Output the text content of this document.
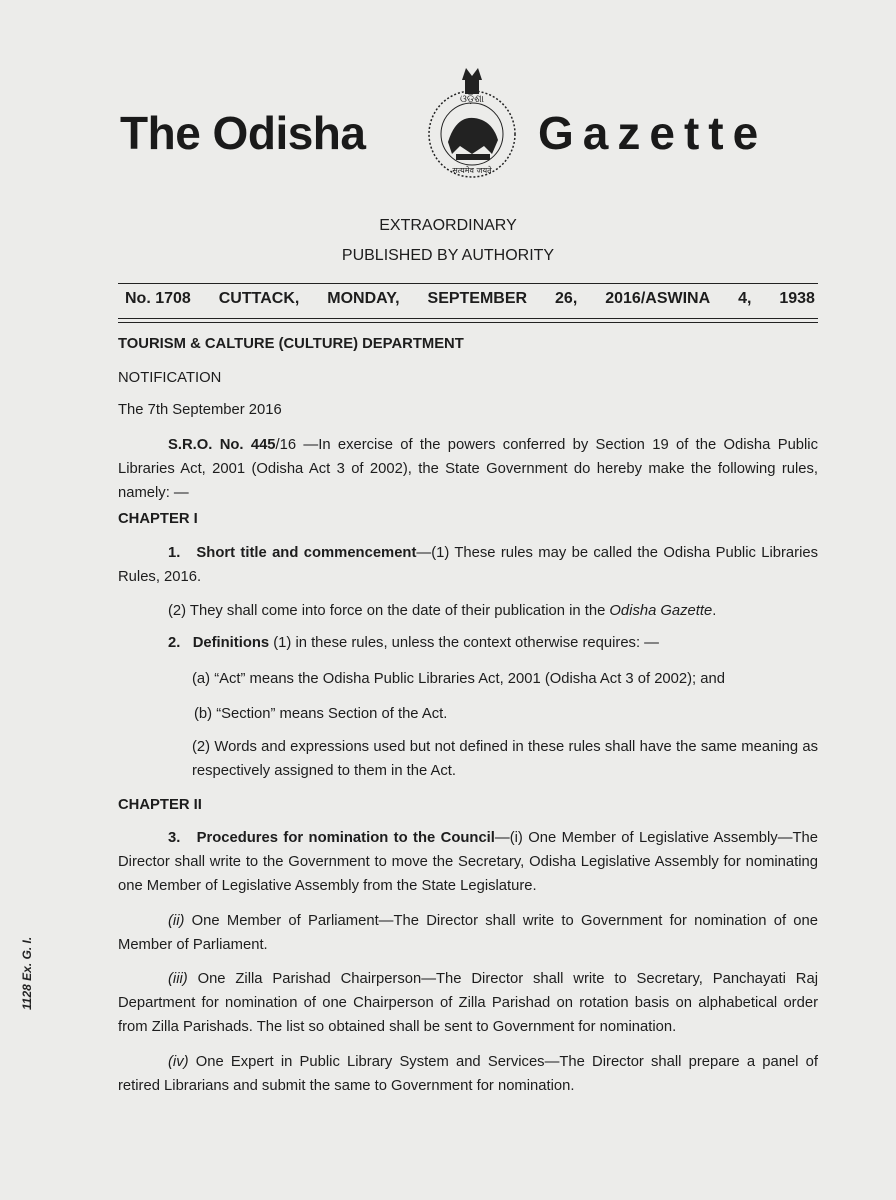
The Odisha
ଓଡ଼ିଶା
सत्यमेव जयते
Gazette
EXTRAORDINARY
PUBLISHED BY AUTHORITY
No. 1708 CUTTACK, MONDAY, SEPTEMBER 26, 2016/ASWINA 4, 1938
TOURISM & CALTURE (CULTURE) DEPARTMENT
NOTIFICATION
The 7th September 2016
S.R.O. No. 445/16 —In exercise of the powers conferred by Section 19 of the Odisha Public Libraries Act, 2001 (Odisha Act 3 of 2002), the State Government do hereby make the following rules, namely: —
CHAPTER I
1. Short title and commencement—(1) These rules may be called the Odisha Public Libraries Rules, 2016.
(2) They shall come into force on the date of their publication in the Odisha Gazette.
2. Definitions (1) in these rules, unless the context otherwise requires: —
(a) “Act” means the Odisha Public Libraries Act, 2001 (Odisha Act 3 of 2002); and
(b) “Section” means Section of the Act.
(2) Words and expressions used but not defined in these rules shall have the same meaning as respectively assigned to them in the Act.
CHAPTER II
3. Procedures for nomination to the Council—(i) One Member of Legislative Assembly—The Director shall write to the Government to move the Secretary, Odisha Legislative Assembly for nominating one Member of Legislative Assembly from the State Legislature.
(ii) One Member of Parliament—The Director shall write to Government for nomination of one Member of Parliament.
(iii) One Zilla Parishad Chairperson—The Director shall write to Secretary, Panchayati Raj Department for nomination of one Chairperson of Zilla Parishad on rotation basis on alphabetical order from Zilla Parishads. The list so obtained shall be sent to Government for nomination.
(iv) One Expert in Public Library System and Services—The Director shall prepare a panel of retired Librarians and submit the same to Government for nomination.
1128 Ex. G. I.
